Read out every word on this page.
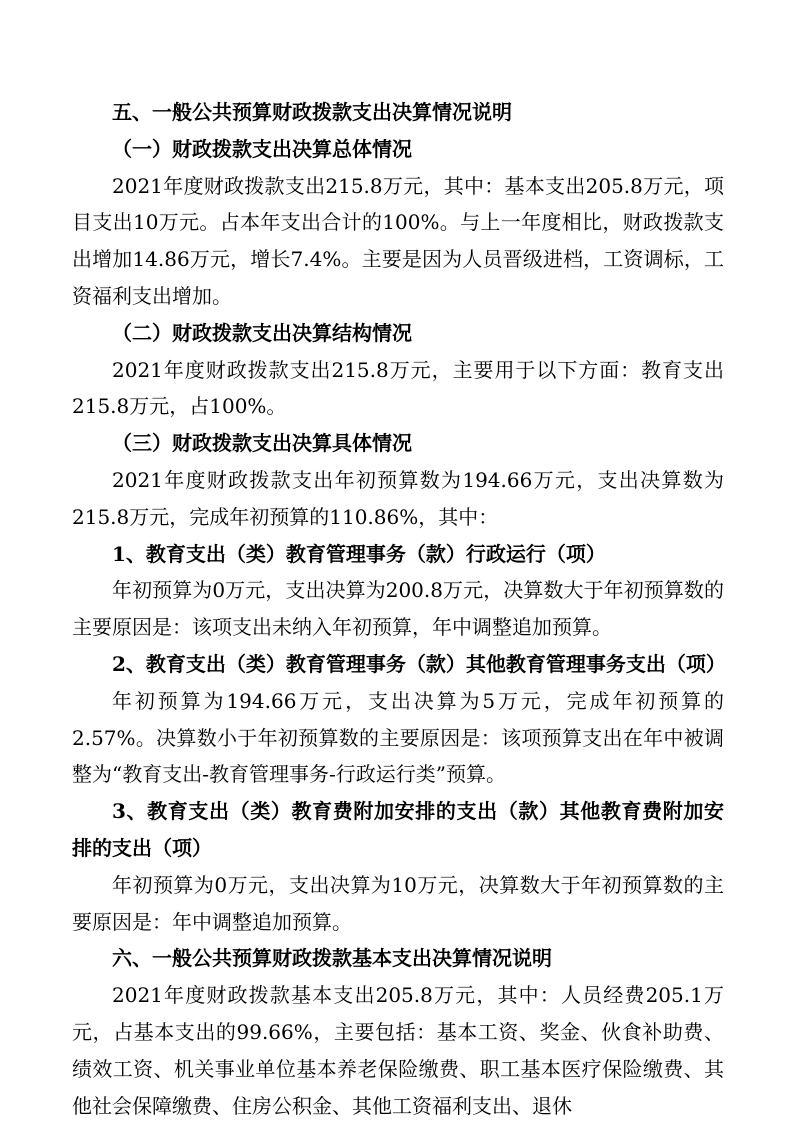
五、一般公共预算财政拨款支出决算情况说明

（一）财政拨款支出决算总体情况

2021年度财政拨款支出215.8万元，其中：基本支出205.8万元，项目支出10万元。占本年支出合计的100%。与上一年度相比，财政拨款支出增加14.86万元，增长7.4%。主要是因为人员晋级进档，工资调标，工资福利支出增加。

（二）财政拨款支出决算结构情况

2021年度财政拨款支出215.8万元，主要用于以下方面：教育支出215.8万元，占100%。

（三）财政拨款支出决算具体情况

2021年度财政拨款支出年初预算数为194.66万元，支出决算数为215.8万元，完成年初预算的110.86%，其中：

1、教育支出（类）教育管理事务（款）行政运行（项）

年初预算为0万元，支出决算为200.8万元，决算数大于年初预算数的主要原因是：该项支出未纳入年初预算，年中调整追加预算。

2、教育支出（类）教育管理事务（款）其他教育管理事务支出（项）

年初预算为194.66万元，支出决算为5万元，完成年初预算的2.57%。决算数小于年初预算数的主要原因是：该项预算支出在年中被调整为“教育支出-教育管理事务-行政运行类”预算。

3、教育支出（类）教育费附加安排的支出（款）其他教育费附加安排的支出（项）

年初预算为0万元，支出决算为10万元，决算数大于年初预算数的主要原因是：年中调整追加预算。

六、一般公共预算财政拨款基本支出决算情况说明

2021年度财政拨款基本支出205.8万元，其中：人员经费205.1万元，占基本支出的99.66%，主要包括：基本工资、奖金、伙食补助费、绩效工资、机关事业单位基本养老保险缴费、职工基本医疗保险缴费、其他社会保障缴费、住房公积金、其他工资福利支出、退休
